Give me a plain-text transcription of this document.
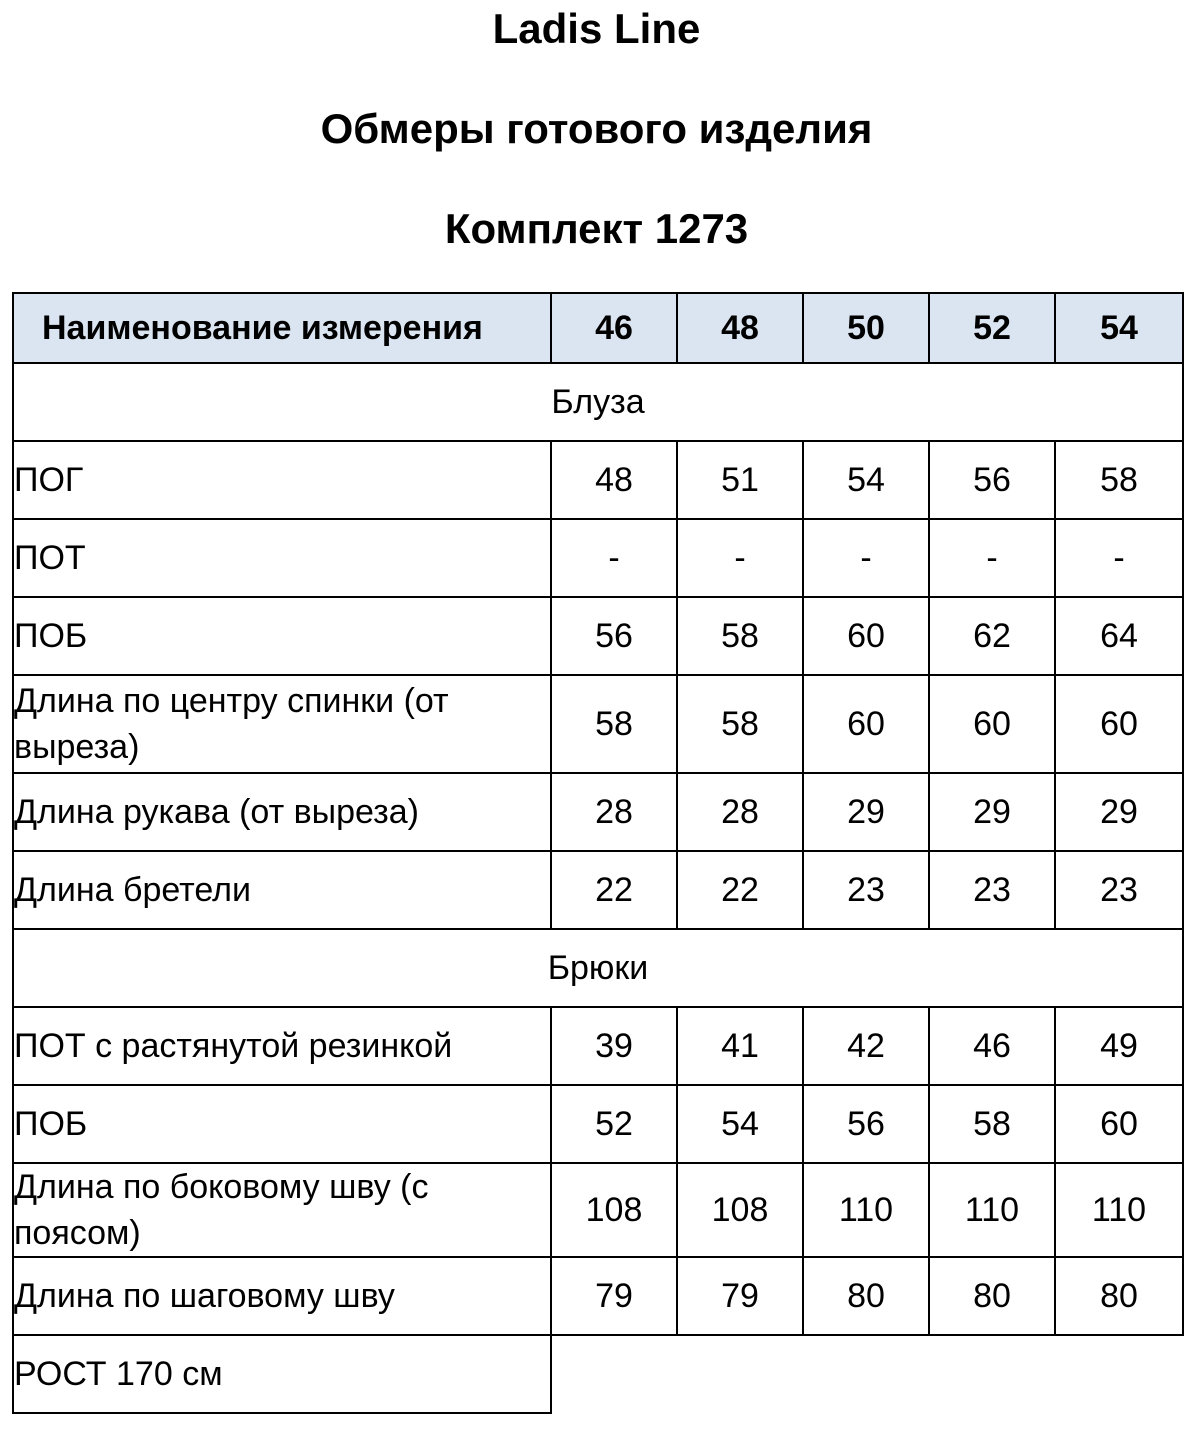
Ladis Line
Обмеры готового изделия
Комплект 1273
Наименование измерения	46	48	50	52	54
Блуза					
ПОГ	48	51	54	56	58
ПОТ	-	-	-	-	-
ПОБ	56	58	60	62	64
Длина по центру спинки (от выреза)	58	58	60	60	60
Длина рукава (от выреза)	28	28	29	29	29
Длина бретели	22	22	23	23	23
Брюки					
ПОТ с растянутой резинкой	39	41	42	46	49
ПОБ	52	54	56	58	60
Длина по боковому шву (с поясом)	108	108	110	110	110
Длина по шаговому шву	79	79	80	80	80
РОСТ 170 см					
